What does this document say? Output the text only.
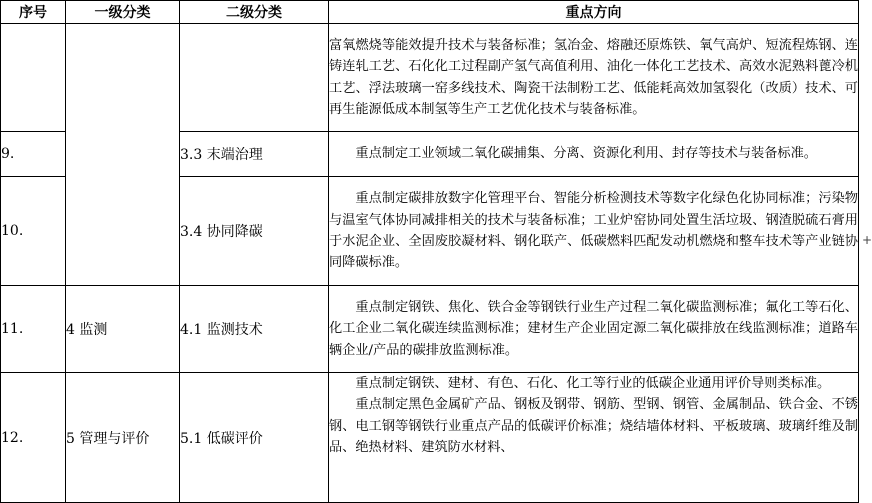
序号	一级分类	二级分类	重点方向

			富氧燃烧等能效提升技术与装备标准；氢冶金、熔融还原炼铁、氧气高炉、短流程炼钢、连铸连轧工艺、石化化工过程副产氢气高值利用、油化一体化工艺技术、高效水泥熟料蓖冷机工艺、浮法玻璃一窑多线技术、陶瓷干法制粉工艺、低能耗高效加氢裂化（改质）技术、可再生能源低成本制氢等生产工艺优化技术与装备标准。

9.		3.3 末端治理	重点制定工业领域二氧化碳捕集、分离、资源化利用、封存等技术与装备标准。

10.		3.4 协同降碳	重点制定碳排放数字化管理平台、智能分析检测技术等数字化绿色化协同标准；污染物与温室气体协同减排相关的技术与装备标准；工业炉窑协同处置生活垃圾、钢渣脱硫石膏用于水泥企业、全固废胶凝材料、钢化联产、低碳燃料匹配发动机燃烧和整车技术等产业链协同降碳标准。

11.	4 监测	4.1 监测技术	重点制定钢铁、焦化、铁合金等钢铁行业生产过程二氧化碳监测标准；氟化工等石化、化工企业二氧化碳连续监测标准；建材生产企业固定源二氧化碳排放在线监测标准；道路车辆企业/产品的碳排放监测标准。

12.	5 管理与评价	5.1 低碳评价	重点制定钢铁、建材、有色、石化、化工等行业的低碳企业通用评价导则类标准。

重点制定黑色金属矿产品、钢板及钢带、钢筋、型钢、钢管、金属制品、铁合金、不锈钢、电工钢等钢铁行业重点产品的低碳评价标准；烧结墙体材料、平板玻璃、玻璃纤维及制品、绝热材料、建筑防水材料、

+
